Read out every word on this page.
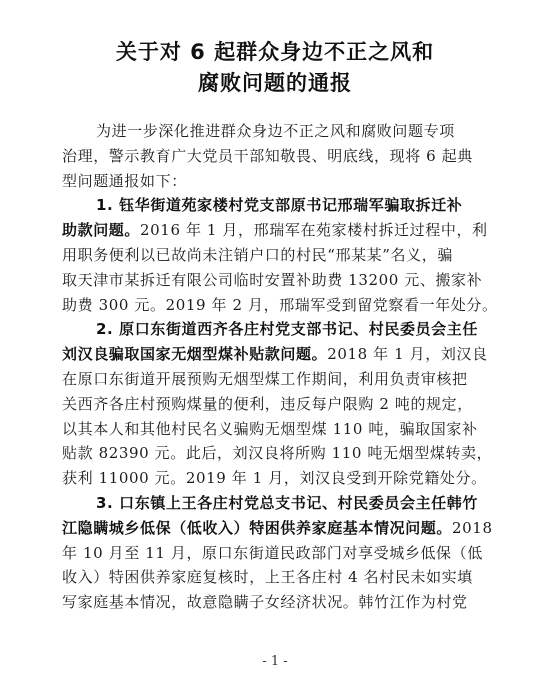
关于对 6 起群众身边不正之风和
腐败问题的通报
为进一步深化推进群众身边不正之风和腐败问题专项
治理，警示教育广大党员干部知敬畏、明底线，现将 6 起典
型问题通报如下：
1. 钰华街道苑家楼村党支部原书记邢瑞军骗取拆迁补
助款问题。2016 年 1 月，邢瑞军在苑家楼村拆迁过程中，利
用职务便利以已故尚未注销户口的村民“邢某某”名义，骗
取天津市某拆迁有限公司临时安置补助费 13200 元、搬家补
助费 300 元。2019 年 2 月，邢瑞军受到留党察看一年处分。
2. 原口东街道西齐各庄村党支部书记、村民委员会主任
刘汉良骗取国家无烟型煤补贴款问题。2018 年 1 月，刘汉良
在原口东街道开展预购无烟型煤工作期间，利用负责审核把
关西齐各庄村预购煤量的便利，违反每户限购 2 吨的规定，
以其本人和其他村民名义骗购无烟型煤 110 吨，骗取国家补
贴款 82390 元。此后，刘汉良将所购 110 吨无烟型煤转卖，
获利 11000 元。2019 年 1 月，刘汉良受到开除党籍处分。
3. 口东镇上王各庄村党总支书记、村民委员会主任韩竹
江隐瞒城乡低保（低收入）特困供养家庭基本情况问题。2018
年 10 月至 11 月，原口东街道民政部门对享受城乡低保（低
收入）特困供养家庭复核时，上王各庄村 4 名村民未如实填
写家庭基本情况，故意隐瞒子女经济状况。韩竹江作为村党
- 1 -
